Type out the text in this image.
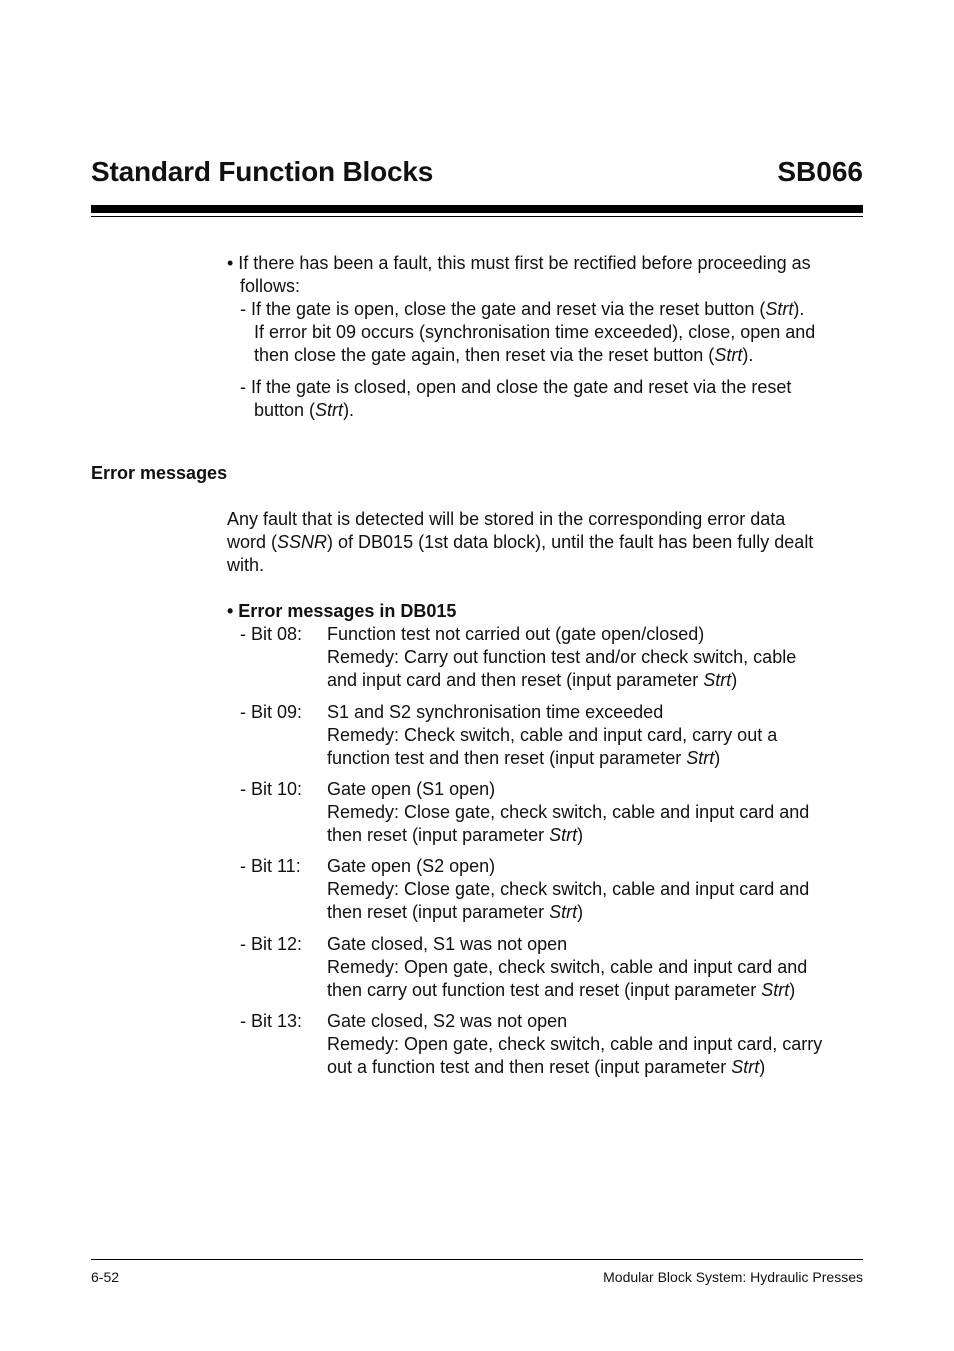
Standard Function Blocks	SB066
• If there has been a fault, this must first be rectified before proceeding as
follows:
- If the gate is open, close the gate and reset via the reset button (Strt).
If error bit 09 occurs (synchronisation time exceeded), close, open and
then close the gate again, then reset via the reset button (Strt).
- If the gate is closed, open and close the gate and reset via the reset
button (Strt).
Error messages
Any fault that is detected will be stored in the corresponding error data
word (SSNR) of DB015 (1st data block), until the fault has been fully dealt
with.
• Error messages in DB015
- Bit 08: Function test not carried out (gate open/closed)
Remedy: Carry out function test and/or check switch, cable
and input card and then reset (input parameter Strt)
- Bit 09: S1 and S2 synchronisation time exceeded
Remedy: Check switch, cable and input card, carry out a
function test and then reset (input parameter Strt)
- Bit 10: Gate open (S1 open)
Remedy: Close gate, check switch, cable and input card and
then reset (input parameter Strt)
- Bit 11: Gate open (S2 open)
Remedy: Close gate, check switch, cable and input card and
then reset (input parameter Strt)
- Bit 12: Gate closed, S1 was not open
Remedy: Open gate, check switch, cable and input card and
then carry out function test and reset (input parameter Strt)
- Bit 13: Gate closed, S2 was not open
Remedy: Open gate, check switch, cable and input card, carry
out a function test and then reset (input parameter Strt)
6-52	Modular Block System: Hydraulic Presses
